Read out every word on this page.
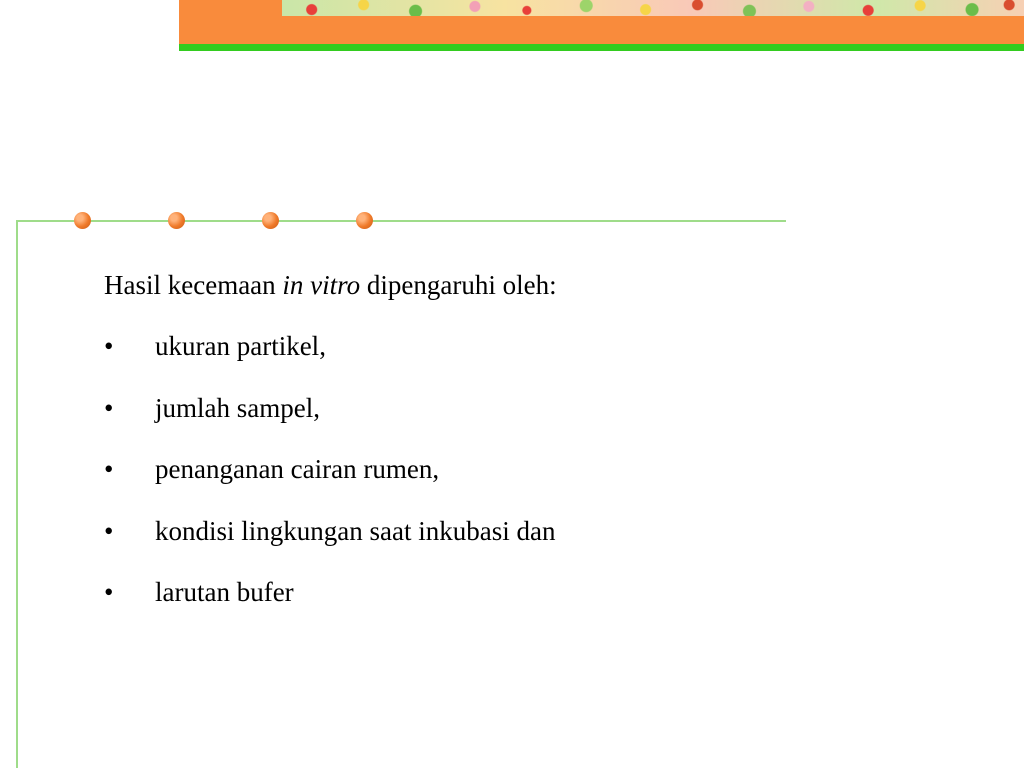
Hasil kecemaan in vitro dipengaruhi oleh:

•	ukuran partikel,
•	jumlah sampel,
•	penanganan cairan rumen,
•	kondisi lingkungan saat inkubasi dan
•	larutan bufer
